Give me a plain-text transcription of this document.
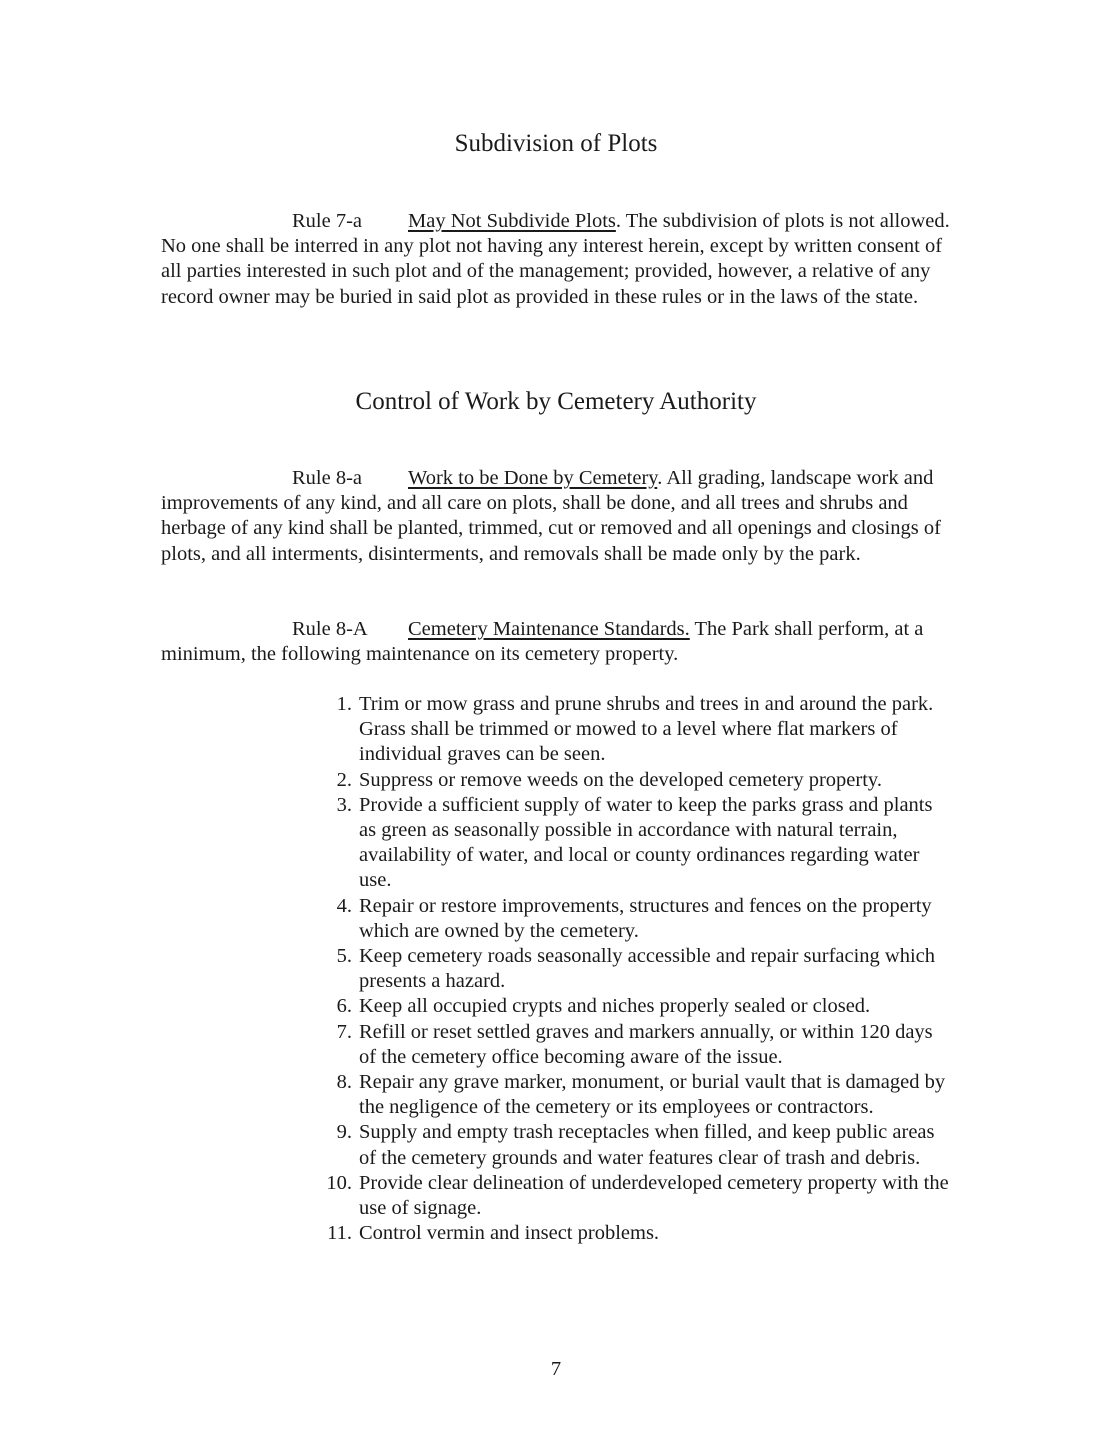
Subdivision of Plots

Rule 7-a May Not Subdivide Plots. The subdivision of plots is not allowed. No one shall be interred in any plot not having any interest herein, except by written consent of all parties interested in such plot and of the management; provided, however, a relative of any record owner may be buried in said plot as provided in these rules or in the laws of the state.

Control of Work by Cemetery Authority

Rule 8-a Work to be Done by Cemetery. All grading, landscape work and improvements of any kind, and all care on plots, shall be done, and all trees and shrubs and herbage of any kind shall be planted, trimmed, cut or removed and all openings and closings of plots, and all interments, disinterments, and removals shall be made only by the park.

Rule 8-A Cemetery Maintenance Standards. The Park shall perform, at a minimum, the following maintenance on its cemetery property.

1. Trim or mow grass and prune shrubs and trees in and around the park. Grass shall be trimmed or mowed to a level where flat markers of individual graves can be seen.
2. Suppress or remove weeds on the developed cemetery property.
3. Provide a sufficient supply of water to keep the parks grass and plants as green as seasonally possible in accordance with natural terrain, availability of water, and local or county ordinances regarding water use.
4. Repair or restore improvements, structures and fences on the property which are owned by the cemetery.
5. Keep cemetery roads seasonally accessible and repair surfacing which presents a hazard.
6. Keep all occupied crypts and niches properly sealed or closed.
7. Refill or reset settled graves and markers annually, or within 120 days of the cemetery office becoming aware of the issue.
8. Repair any grave marker, monument, or burial vault that is damaged by the negligence of the cemetery or its employees or contractors.
9. Supply and empty trash receptacles when filled, and keep public areas of the cemetery grounds and water features clear of trash and debris.
10. Provide clear delineation of underdeveloped cemetery property with the use of signage.
11. Control vermin and insect problems.
7
